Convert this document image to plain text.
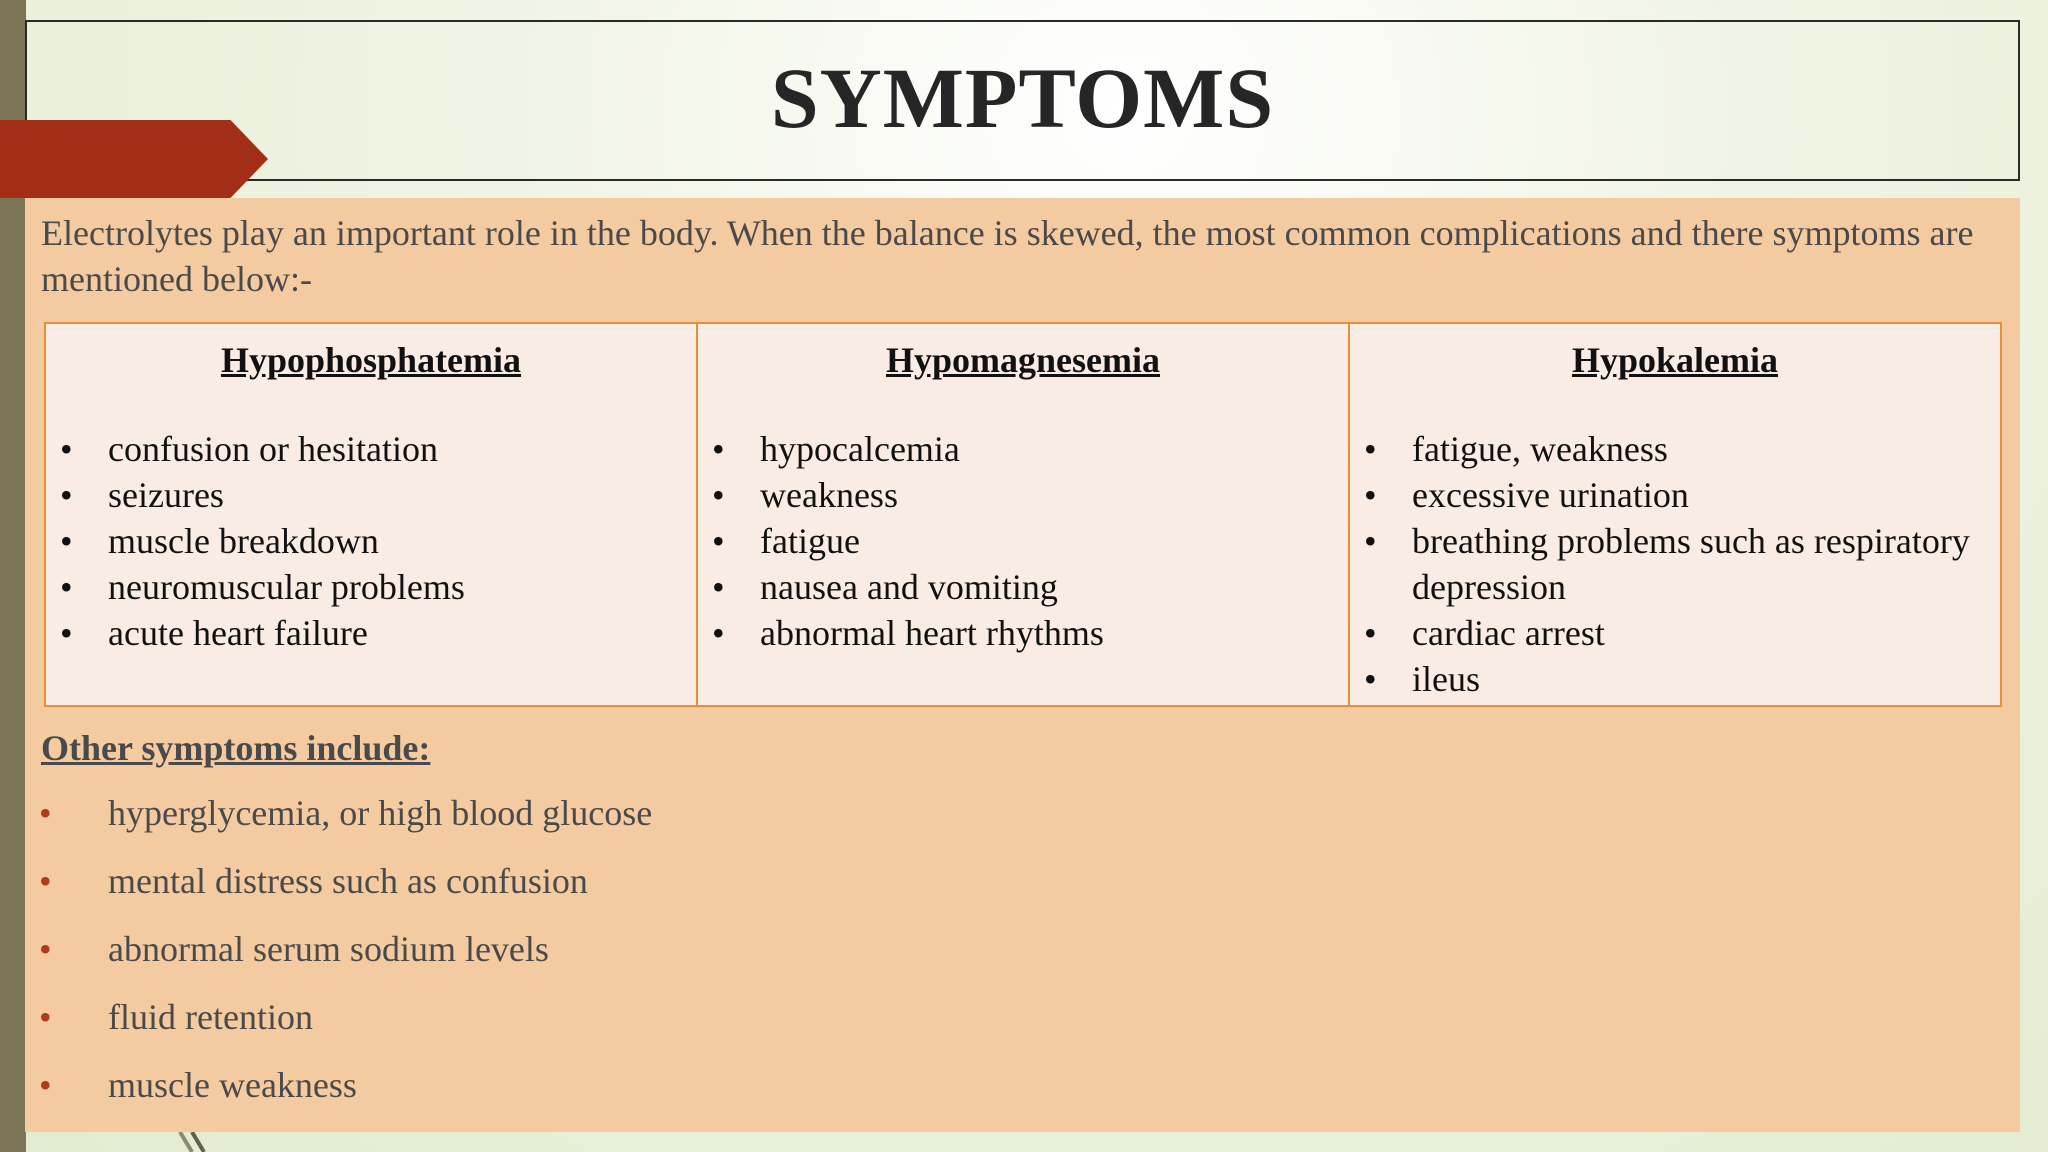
SYMPTOMS

Electrolytes play an important role in the body. When the balance is skewed, the most common complications and there symptoms are mentioned below:-

Hypophosphatemia
• confusion or hesitation
• seizures
• muscle breakdown
• neuromuscular problems
• acute heart failure

Hypomagnesemia
• hypocalcemia
• weakness
• fatigue
• nausea and vomiting
• abnormal heart rhythms

Hypokalemia
• fatigue, weakness
• excessive urination
• breathing problems such as respiratory depression
• cardiac arrest
• ileus
Other symptoms include:
• hyperglycemia, or high blood glucose
• mental distress such as confusion
• abnormal serum sodium levels
• fluid retention
• muscle weakness
